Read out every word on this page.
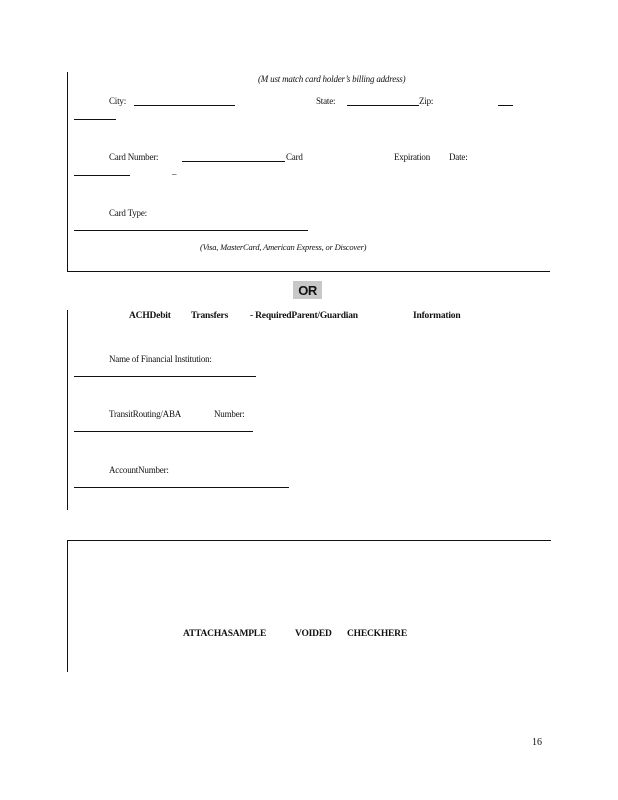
(M ust match card holder’s billing address)
City:	State:	Zip:
Card Number:	Card	Expiration Date:
_
Card Type:
(Visa, MasterCard, American Express, or Discover)
OR
ACHDebit Transfers - RequiredParent/Guardian	Information
Name of Financial Institution:
TransitRouting/ABA	Number:
AccountNumber:
ATTACHASAMPLE	VOIDED CHECKHERE
16
